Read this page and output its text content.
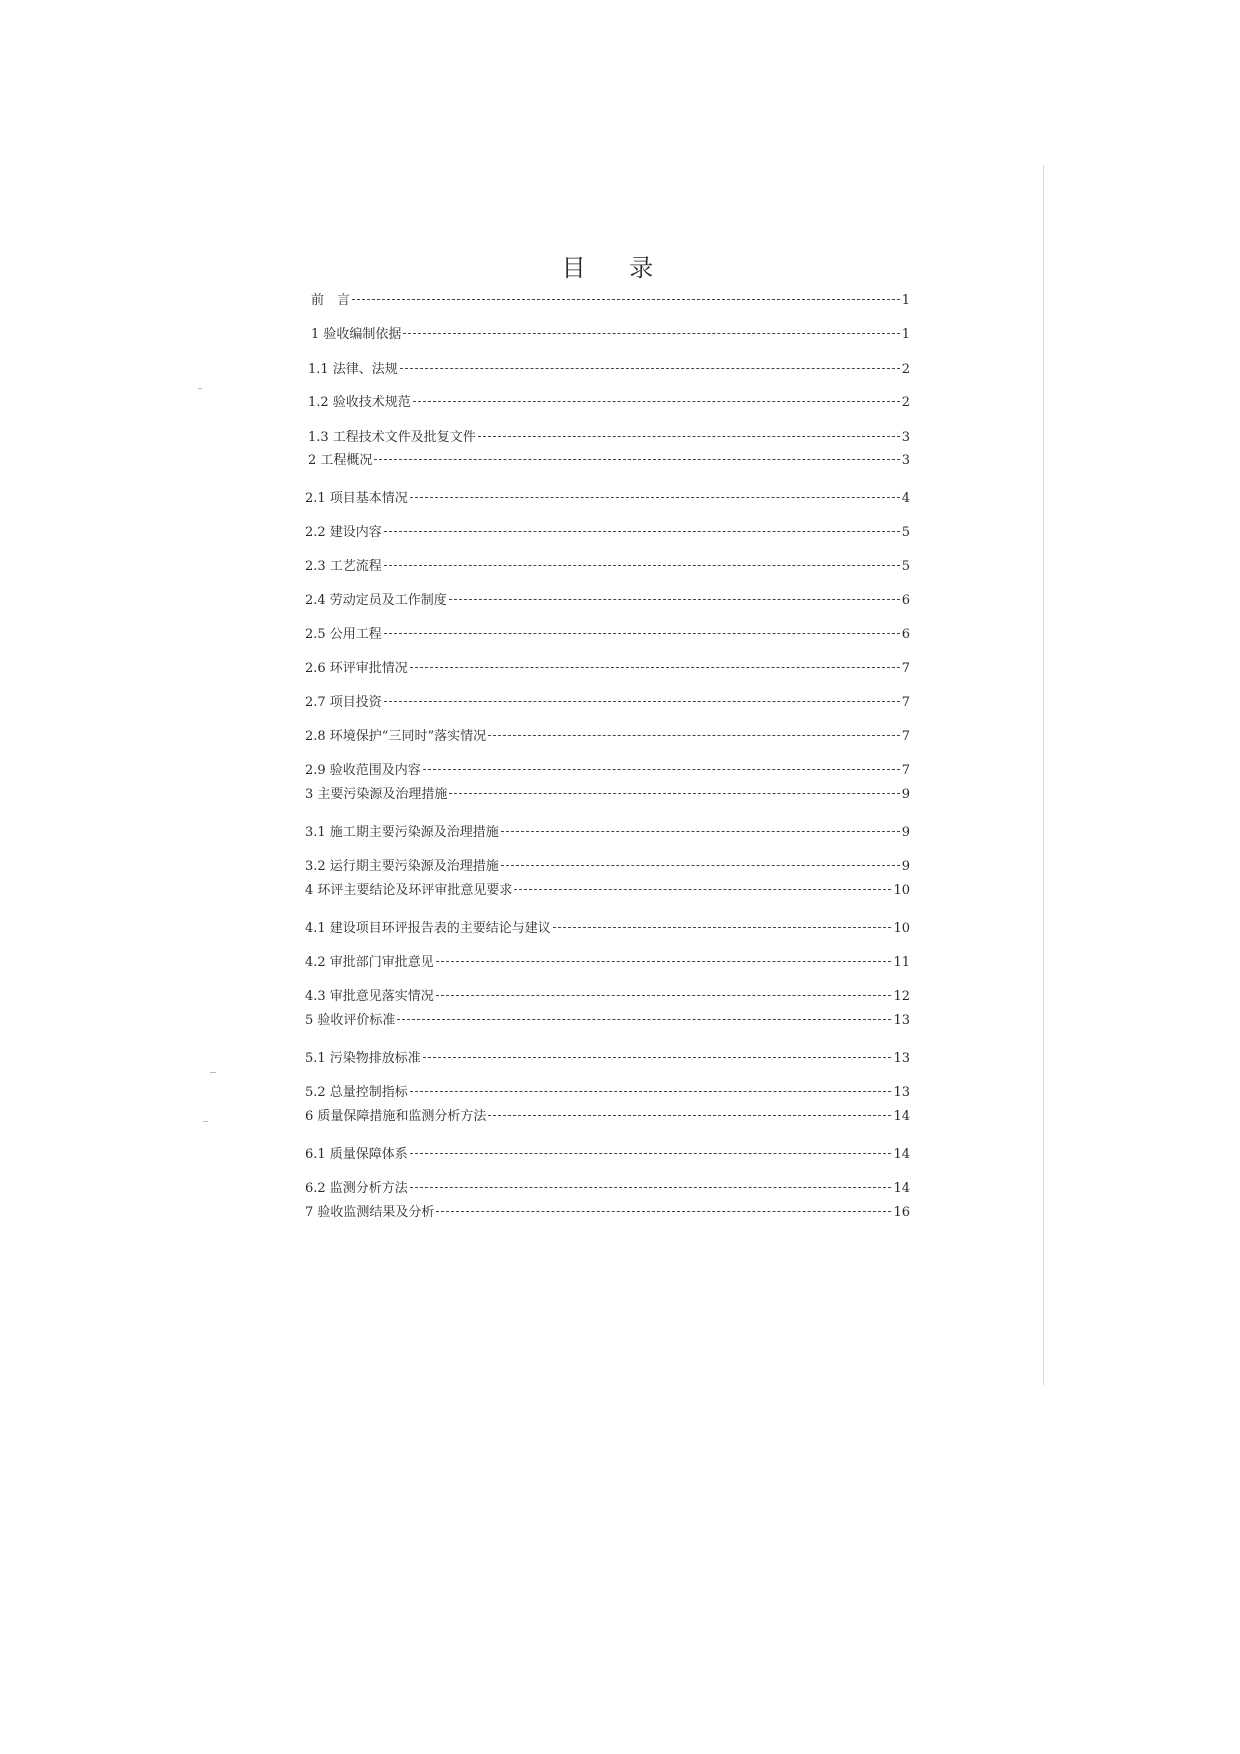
目 录
前　言	1
1 验收编制依据	1
1.1 法律、法规	2
1.2 验收技术规范	2
1.3 工程技术文件及批复文件	3
2 工程概况	3
2.1 项目基本情况	4
2.2 建设内容	5
2.3 工艺流程	5
2.4 劳动定员及工作制度	6
2.5 公用工程	6
2.6 环评审批情况	7
2.7 项目投资	7
2.8 环境保护“三同时”落实情况	7
2.9 验收范围及内容	7
3 主要污染源及治理措施	9
3.1 施工期主要污染源及治理措施	9
3.2 运行期主要污染源及治理措施	9
4 环评主要结论及环评审批意见要求	10
4.1 建设项目环评报告表的主要结论与建议	10
4.2 审批部门审批意见	11
4.3 审批意见落实情况	12
5 验收评价标准	13
5.1 污染物排放标准	13
5.2 总量控制指标	13
6 质量保障措施和监测分析方法	14
6.1 质量保障体系	14
6.2 监测分析方法	14
7 验收监测结果及分析	16
